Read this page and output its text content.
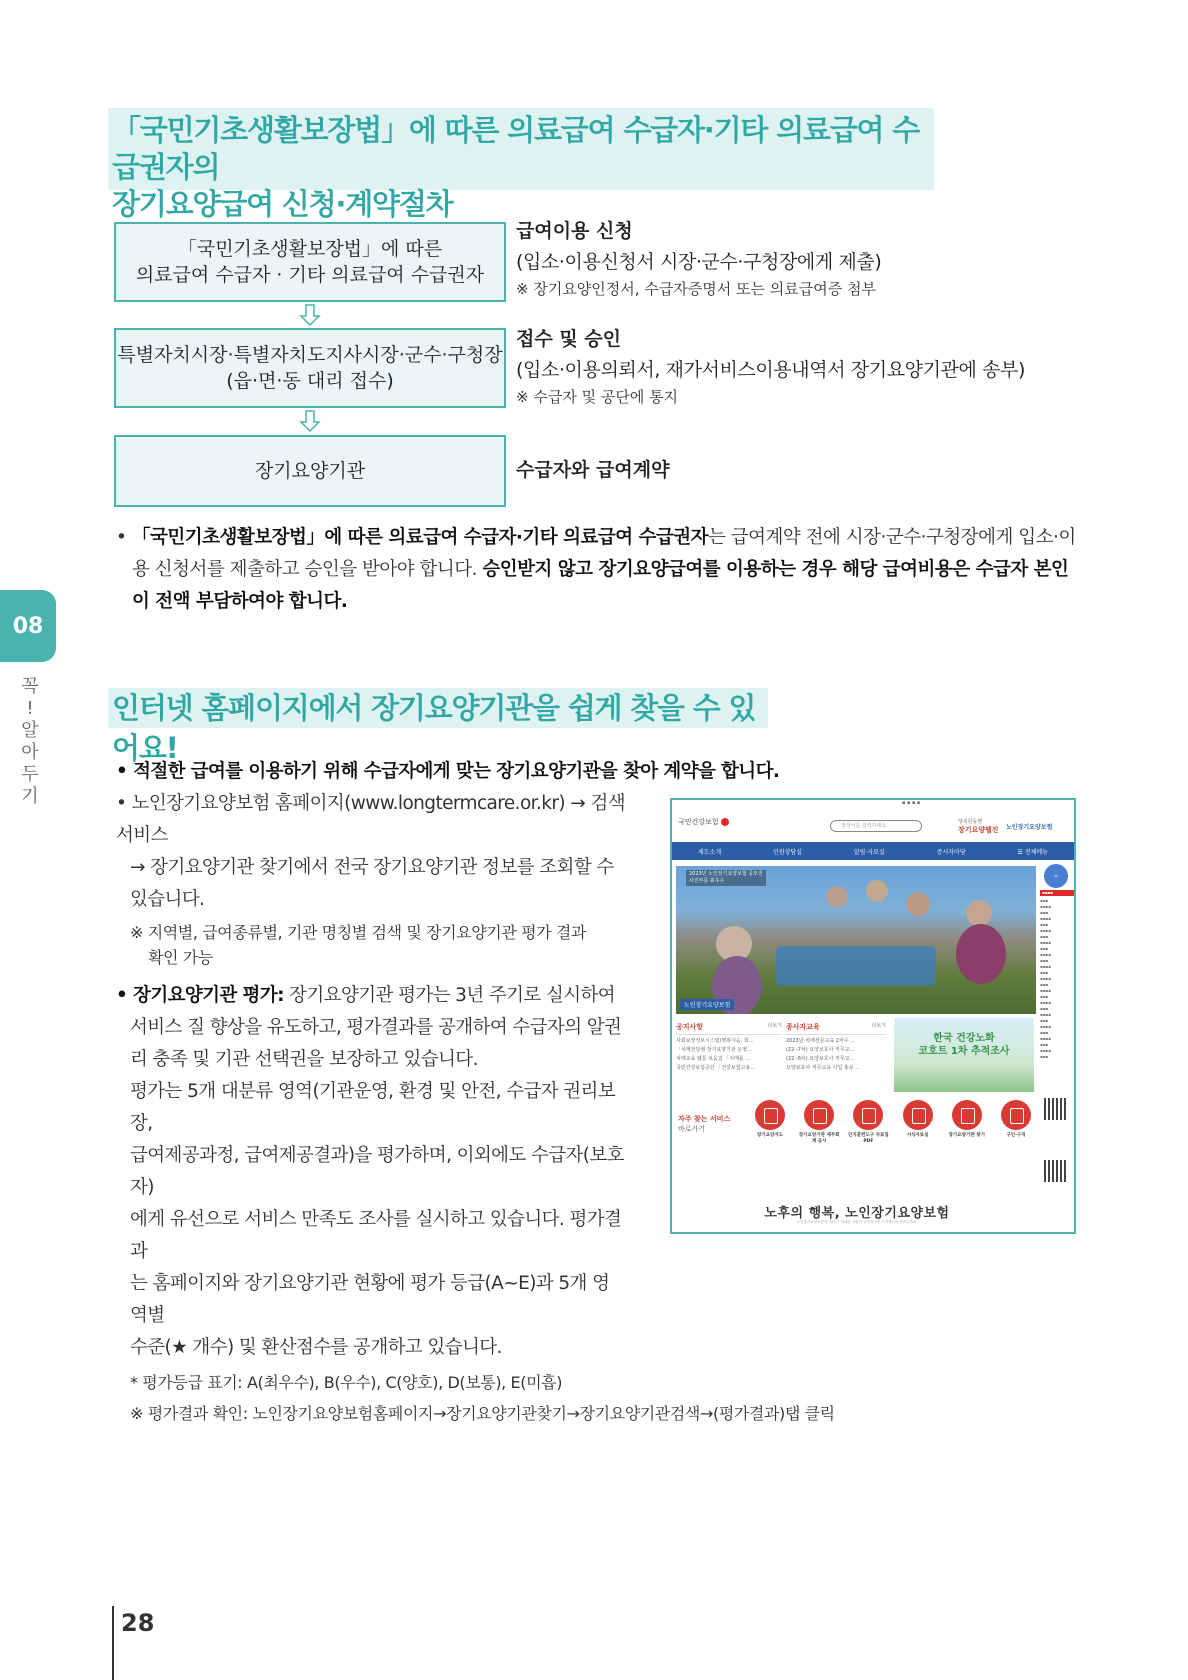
「국민기초생활보장법」에 따른 의료급여 수급자·기타 의료급여 수급권자의
장기요양급여 신청·계약절차
「국민기초생활보장법」에 따른
의료급여 수급자 · 기타 의료급여 수급권자
특별자치시장·특별자치도지사시장·군수·구청장
(읍·면·동 대리 접수)
장기요양기관
급여이용 신청
(입소·이용신청서 시장·군수·구청장에게 제출)
※ 장기요양인정서, 수급자증명서 또는 의료급여증 첨부
접수 및 승인
(입소·이용의뢰서, 재가서비스이용내역서 장기요양기관에 송부)
※ 수급자 및 공단에 통지
수급자와 급여계약
• 「국민기초생활보장법」에 따른 의료급여 수급자·기타 의료급여 수급권자는 급여계약 전에 시장·군수·구청장에게 입소·이용 신청서를 제출하고 승인을 받아야 합니다. 승인받지 않고 장기요양급여를 이용하는 경우 해당 급여비용은 수급자 본인이 전액 부담하여야 합니다.
08
꼭
!
알
아
두
기
인터넷 홈페이지에서 장기요양기관을 쉽게 찾을 수 있어요!
• 적절한 급여를 이용하기 위해 수급자에게 맞는 장기요양기관을 찾아 계약을 합니다.
• 노인장기요양보험 홈페이지(www.longtermcare.or.kr) → 검색서비스
→ 장기요양기관 찾기에서 전국 장기요양기관 정보를 조회할 수
있습니다.
※ 지역별, 급여종류별, 기관 명칭별 검색 및 장기요양기관 평가 결과
확인 가능
• 장기요양기관 평가: 장기요양기관 평가는 3년 주기로 실시하여
서비스 질 향상을 유도하고, 평가결과를 공개하여 수급자의 알권
리 충족 및 기관 선택권을 보장하고 있습니다.
평가는 5개 대분류 영역(기관운영, 환경 및 안전, 수급자 권리보장,
급여제공과정, 급여제공결과)을 평가하며, 이외에도 수급자(보호자)
에게 유선으로 서비스 만족도 조사를 실시하고 있습니다. 평가결과
는 홈페이지와 장기요양기관 현황에 평가 등급(A~E)과 5개 영역별
수준(★ 개수) 및 환산점수를 공개하고 있습니다.
* 평가등급 표기: A(최우수), B(우수), C(양호), D(보통), E(미흡)
※ 평가결과 확인: 노인장기요양보험홈페이지→장기요양기관찾기→장기요양기관검색→(평가결과)탭 클릭
▪ ▪ ▪ ▪
국민건강보험	검색어를 입력하세요
행복한동행
장기요양웹진 노인장기요양보험
제도소개	민원상담실	알림·자료실	증시자마당	☰ 전체메뉴
2023년 노인장기요양보험 공모전
사진부문 최우수
노인장기요양보험
◎
▪▪▪▪
▪▪▪
▪▪▪▪
▪▪▪
▪▪▪▪
▪▪▪
▪▪▪▪
▪▪▪
▪▪▪▪
▪▪▪
▪▪▪▪
▪▪▪
▪▪▪▪
▪▪▪
▪▪▪▪
▪▪▪
▪▪▪▪
▪▪▪
▪▪▪▪
▪▪▪
▪▪▪▪
▪▪▪
▪▪▪▪
▪▪▪
▪▪▪▪
▪▪▪
▪▪▪▪
▪▪▪
공지사항	더보기
사회보장정보시스템(행복이음, 희...
「치매전담형 장기요양기관 운영...
치매교육 웹툰 보음집 「치매를 ...
국민건강보험공단 「건강보험고용...
종사자교육	더보기
2023년 치매전문교육 2차수 ...
(22.-7차) 요양보호사 직무교...
(22.-6차) 요양보호사 직무교...
요양보호사 직무교육 사업 홍보 ...
한국 건강노화
코호트 1차 추적조사
자주 찾는 서비스
바로가기
장기요양지도	장기요양기관 재무회계 공시
인지훈련도구 자료집 PDF
서식자료실	장기요양기관 찾기	구인·구직
노후의 행복, 노인장기요양보험
노인장기요양보험에 대한 더 자세한 사항이 궁금하시면 고객센터에 연락주세요.
28
